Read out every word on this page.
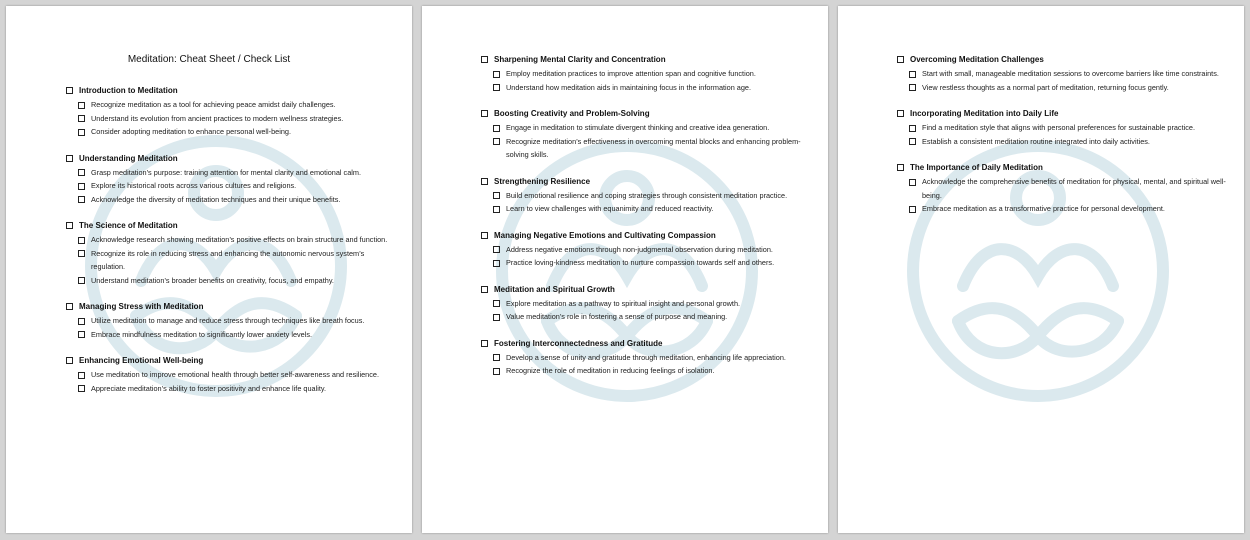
Meditation: Cheat Sheet / Check List
Introduction to Meditation
Recognize meditation as a tool for achieving peace amidst daily challenges.
Understand its evolution from ancient practices to modern wellness strategies.
Consider adopting meditation to enhance personal well-being.
Understanding Meditation
Grasp meditation’s purpose: training attention for mental clarity and emotional calm.
Explore its historical roots across various cultures and religions.
Acknowledge the diversity of meditation techniques and their unique benefits.
The Science of Meditation
Acknowledge research showing meditation’s positive effects on brain structure and function.
Recognize its role in reducing stress and enhancing the autonomic nervous system’s regulation.
Understand meditation’s broader benefits on creativity, focus, and empathy.
Managing Stress with Meditation
Utilize meditation to manage and reduce stress through techniques like breath focus.
Embrace mindfulness meditation to significantly lower anxiety levels.
Enhancing Emotional Well-being
Use meditation to improve emotional health through better self-awareness and resilience.
Appreciate meditation’s ability to foster positivity and enhance life quality.
Sharpening Mental Clarity and Concentration
Employ meditation practices to improve attention span and cognitive function.
Understand how meditation aids in maintaining focus in the information age.
Boosting Creativity and Problem-Solving
Engage in meditation to stimulate divergent thinking and creative idea generation.
Recognize meditation’s effectiveness in overcoming mental blocks and enhancing problem-solving skills.
Strengthening Resilience
Build emotional resilience and coping strategies through consistent meditation practice.
Learn to view challenges with equanimity and reduced reactivity.
Managing Negative Emotions and Cultivating Compassion
Address negative emotions through non-judgmental observation during meditation.
Practice loving-kindness meditation to nurture compassion towards self and others.
Meditation and Spiritual Growth
Explore meditation as a pathway to spiritual insight and personal growth.
Value meditation’s role in fostering a sense of purpose and meaning.
Fostering Interconnectedness and Gratitude
Develop a sense of unity and gratitude through meditation, enhancing life appreciation.
Recognize the role of meditation in reducing feelings of isolation.
Overcoming Meditation Challenges
Start with small, manageable meditation sessions to overcome barriers like time constraints.
View restless thoughts as a normal part of meditation, returning focus gently.
Incorporating Meditation into Daily Life
Find a meditation style that aligns with personal preferences for sustainable practice.
Establish a consistent meditation routine integrated into daily activities.
The Importance of Daily Meditation
Acknowledge the comprehensive benefits of meditation for physical, mental, and spiritual well-being.
Embrace meditation as a transformative practice for personal development.
